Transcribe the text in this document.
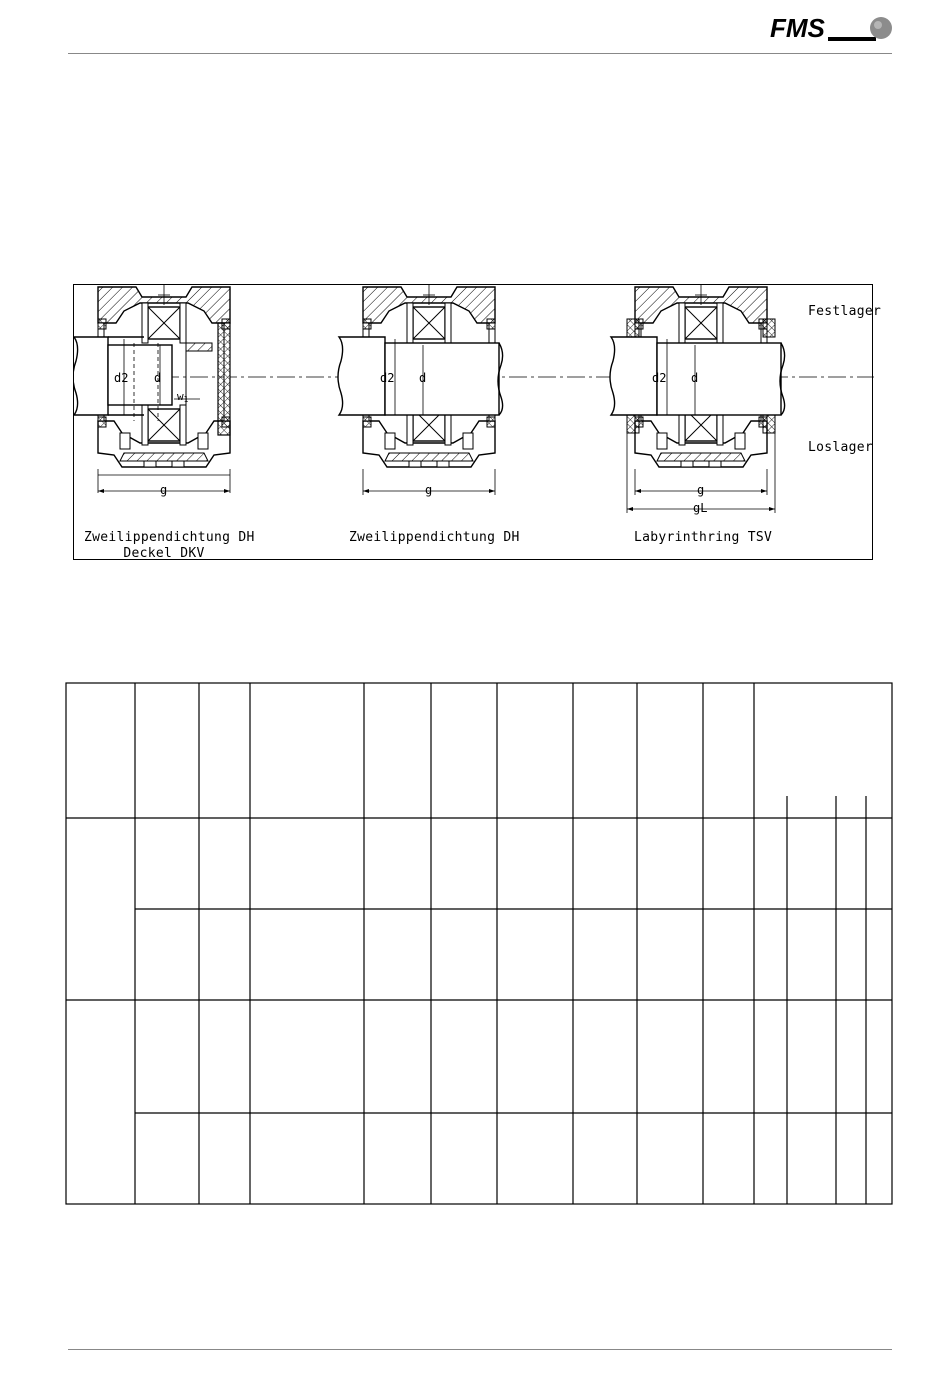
FMS
d2 d
w1
g
d2 d
g
d2 d
g
gL
Festlager
Loslager
Zweilippendichtung DH
Deckel DKV
Zweilippendichtung DH	Labyrinthring TSV
